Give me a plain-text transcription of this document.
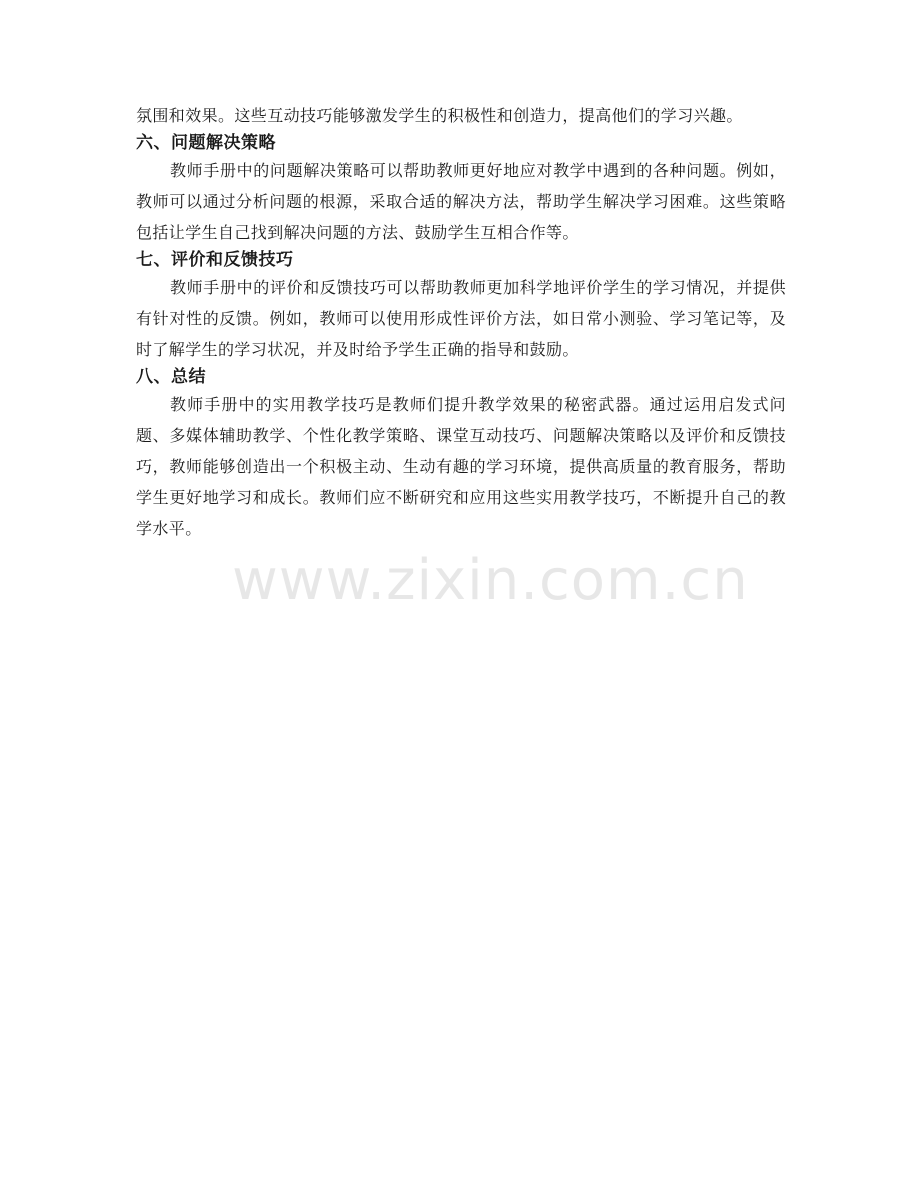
氛围和效果。这些互动技巧能够激发学生的积极性和创造力，提高他们的学习兴趣。

六、问题解决策略

教师手册中的问题解决策略可以帮助教师更好地应对教学中遇到的各种问题。例如，教师可以通过分析问题的根源，采取合适的解决方法，帮助学生解决学习困难。这些策略包括让学生自己找到解决问题的方法、鼓励学生互相合作等。

七、评价和反馈技巧

教师手册中的评价和反馈技巧可以帮助教师更加科学地评价学生的学习情况，并提供有针对性的反馈。例如，教师可以使用形成性评价方法，如日常小测验、学习笔记等，及时了解学生的学习状况，并及时给予学生正确的指导和鼓励。

八、总结

教师手册中的实用教学技巧是教师们提升教学效果的秘密武器。通过运用启发式问题、多媒体辅助教学、个性化教学策略、课堂互动技巧、问题解决策略以及评价和反馈技巧，教师能够创造出一个积极主动、生动有趣的学习环境，提供高质量的教育服务，帮助学生更好地学习和成长。教师们应不断研究和应用这些实用教学技巧，不断提升自己的教学水平。

www.zixin.com.cn
